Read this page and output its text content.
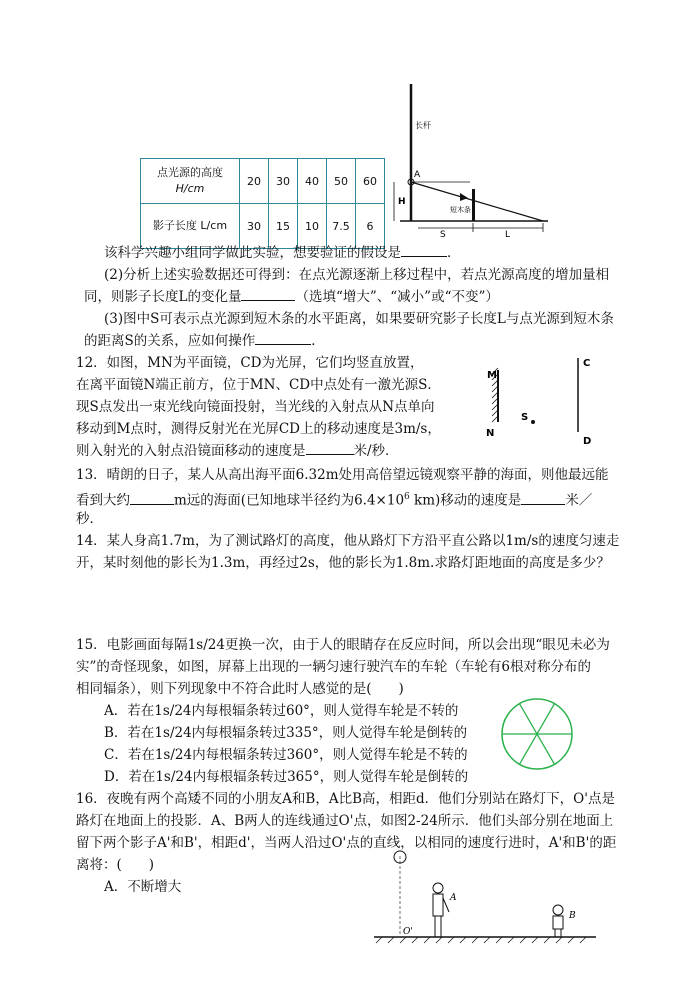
点光源的高度
H/cm	20	30	40	50	60
影子长度 L/cm	30	15	10	7.5	6
长杆
A
H
短木条
S	L
该科学兴趣小组同学做此实验，想要验证的假设是	．
(2)分析上述实验数据还可得到：在点光源逐渐上移过程中，若点光源高度的增加量相
同，则影子长度L的变化量	（选填“增大”、“减小”或“不变”）
(3)图中S可表示点光源到短木条的水平距离，如果要研究影子长度L与点光源到短木条
的距离S的关系，应如何操作	．
12．如图，MN为平面镜，CD为光屏，它们均竖直放置，
在离平面镜N端正前方，位于MN、CD中点处有一激光源S．
现S点发出一束光线向镜面投射，当光线的入射点从N点单向
移动到M点时，测得反射光在光屏CD上的移动速度是3m/s，
则入射光的入射点沿镜面移动的速度是	米/秒．
M
N
S
C
D
13．晴朗的日子，某人从高出海平面6.32m处用高倍望远镜观察平静的海面，则他最远能
看到大约	m远的海面(已知地球半径约为$6.4\times 10^6$ km)移动的速度是	米／
秒．
14．某人身高1.7m，为了测试路灯的高度，他从路灯下方沿平直公路以1m/s的速度匀速走
开，某时刻他的影长为1.3m，再经过2s，他的影长为1.8m.求路灯距地面的高度是多少？
15．电影画面每隔1s/24更换一次，由于人的眼睛存在反应时间，所以会出现“眼见未必为
实”的奇怪现象，如图，屏幕上出现的一辆匀速行驶汽车的车轮（车轮有6根对称分布的
相同辐条），则下列现象中不符合此时人感觉的是(　　)
A．若在1s/24内每根辐条转过60°，则人觉得车轮是不转的
B．若在1s/24内每根辐条转过335°，则人觉得车轮是倒转的
C．若在1s/24内每根辐条转过360°，则人觉得车轮是不转的
D．若在1s/24内每根辐条转过365°，则人觉得车轮是倒转的
16．夜晚有两个高矮不同的小朋友A和B，A比B高，相距d．他们分别站在路灯下，O'点是
路灯在地面上的投影．A、B两人的连线通过O'点，如图2-24所示．他们头部分别在地面上
留下两个影子A'和B'，相距d'，当两人沿过O'点的直线，以相同的速度行进时，A'和B'的距
离将：(　　)
A．不断增大
A
B
O'
